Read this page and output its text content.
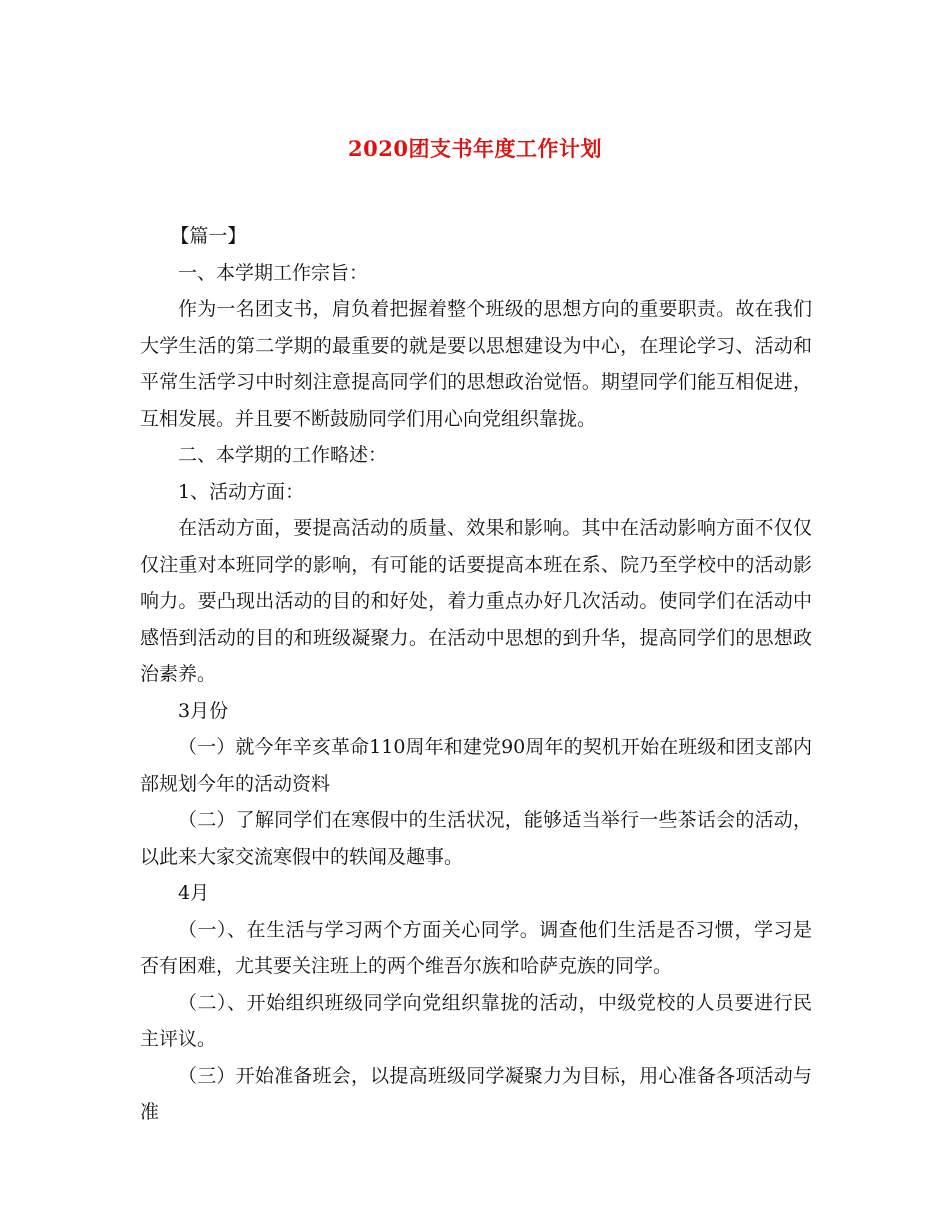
2020团支书年度工作计划

【篇一】

一、本学期工作宗旨：

作为一名团支书，肩负着把握着整个班级的思想方向的重要职责。故在我们大学生活的第二学期的最重要的就是要以思想建设为中心，在理论学习、活动和平常生活学习中时刻注意提高同学们的思想政治觉悟。期望同学们能互相促进，互相发展。并且要不断鼓励同学们用心向党组织靠拢。

二、本学期的工作略述：

1、活动方面：

在活动方面，要提高活动的质量、效果和影响。其中在活动影响方面不仅仅仅注重对本班同学的影响，有可能的话要提高本班在系、院乃至学校中的活动影响力。要凸现出活动的目的和好处，着力重点办好几次活动。使同学们在活动中感悟到活动的目的和班级凝聚力。在活动中思想的到升华，提高同学们的思想政治素养。

3月份

（一）就今年辛亥革命110周年和建党90周年的契机开始在班级和团支部内部规划今年的活动资料

（二）了解同学们在寒假中的生活状况，能够适当举行一些茶话会的活动，以此来大家交流寒假中的轶闻及趣事。

4月

（一）、在生活与学习两个方面关心同学。调查他们生活是否习惯，学习是否有困难，尤其要关注班上的两个维吾尔族和哈萨克族的同学。

（二）、开始组织班级同学向党组织靠拢的活动，中级党校的人员要进行民主评议。

（三）开始准备班会，以提高班级同学凝聚力为目标，用心准备各项活动与准
